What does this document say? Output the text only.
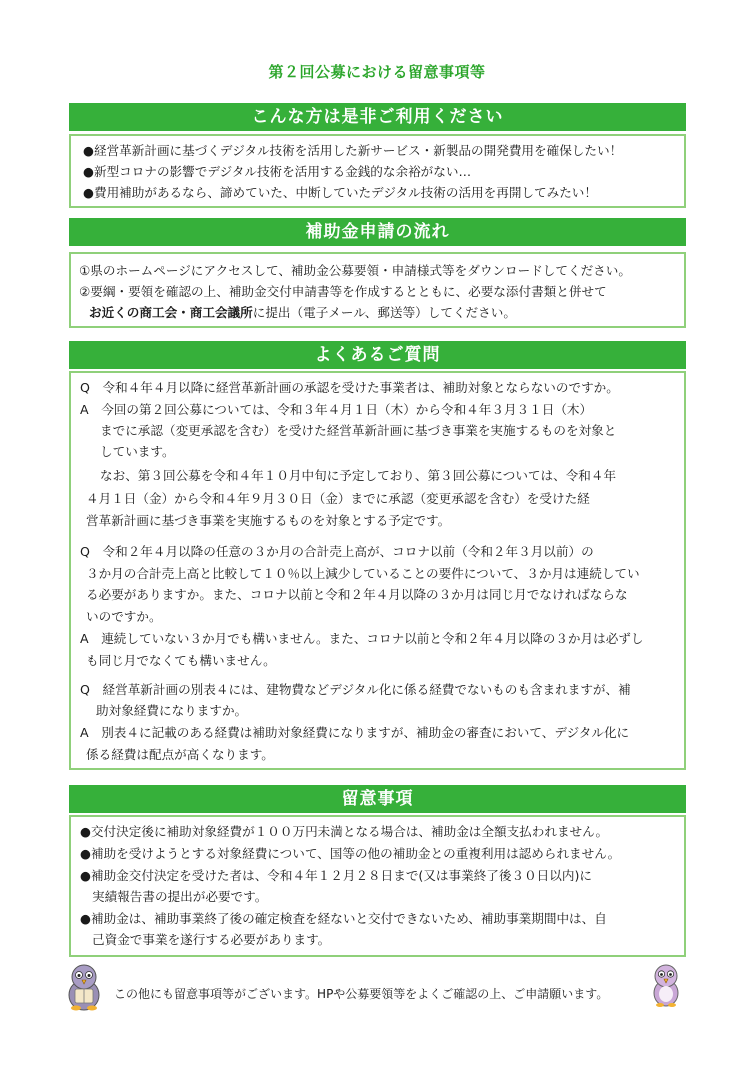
第２回公募における留意事項等
こんな方は是非ご利用ください
●経営革新計画に基づくデジタル技術を活用した新サービス・新製品の開発費用を確保したい！
●新型コロナの影響でデジタル技術を活用する金銭的な余裕がない…
●費用補助があるなら、諦めていた、中断していたデジタル技術の活用を再開してみたい！
補助金申請の流れ
①県のホームページにアクセスして、補助金公募要領・申請様式等をダウンロードしてください。
②要綱・要領を確認の上、補助金交付申請書等を作成するとともに、必要な添付書類と併せて
お近くの商工会・商工会議所に提出（電子メール、郵送等）してください。
よくあるご質問
Q　令和４年４月以降に経営革新計画の承認を受けた事業者は、補助対象とならないのですか。
A　今回の第２回公募については、令和３年４月１日（木）から令和４年３月３１日（木）
までに承認（変更承認を含む）を受けた経営革新計画に基づき事業を実施するものを対象と
しています。
なお、第３回公募を令和４年１０月中旬に予定しており、第３回公募については、令和４年
４月１日（金）から令和４年９月３０日（金）までに承認（変更承認を含む）を受けた経
営革新計画に基づき事業を実施するものを対象とする予定です。
Q　令和２年４月以降の任意の３か月の合計売上高が、コロナ以前（令和２年３月以前）の
３か月の合計売上高と比較して１０％以上減少していることの要件について、３か月は連続してい
る必要がありますか。また、コロナ以前と令和２年４月以降の３か月は同じ月でなければならな
いのですか。
A　連続していない３か月でも構いません。また、コロナ以前と令和２年４月以降の３か月は必ずし
も同じ月でなくても構いません。
Q　経営革新計画の別表４には、建物費などデジタル化に係る経費でないものも含まれますが、補
助対象経費になりますか。
A　別表４に記載のある経費は補助対象経費になりますが、補助金の審査において、デジタル化に
係る経費は配点が高くなります。
留意事項
●交付決定後に補助対象経費が１００万円未満となる場合は、補助金は全額支払われません。
●補助を受けようとする対象経費について、国等の他の補助金との重複利用は認められません。
●補助金交付決定を受けた者は、令和４年１２月２８日まで(又は事業終了後３０日以内)に
実績報告書の提出が必要です。
●補助金は、補助事業終了後の確定検査を経ないと交付できないため、補助事業期間中は、自
己資金で事業を遂行する必要があります。
この他にも留意事項等がございます。HPや公募要領等をよくご確認の上、ご申請願います。
